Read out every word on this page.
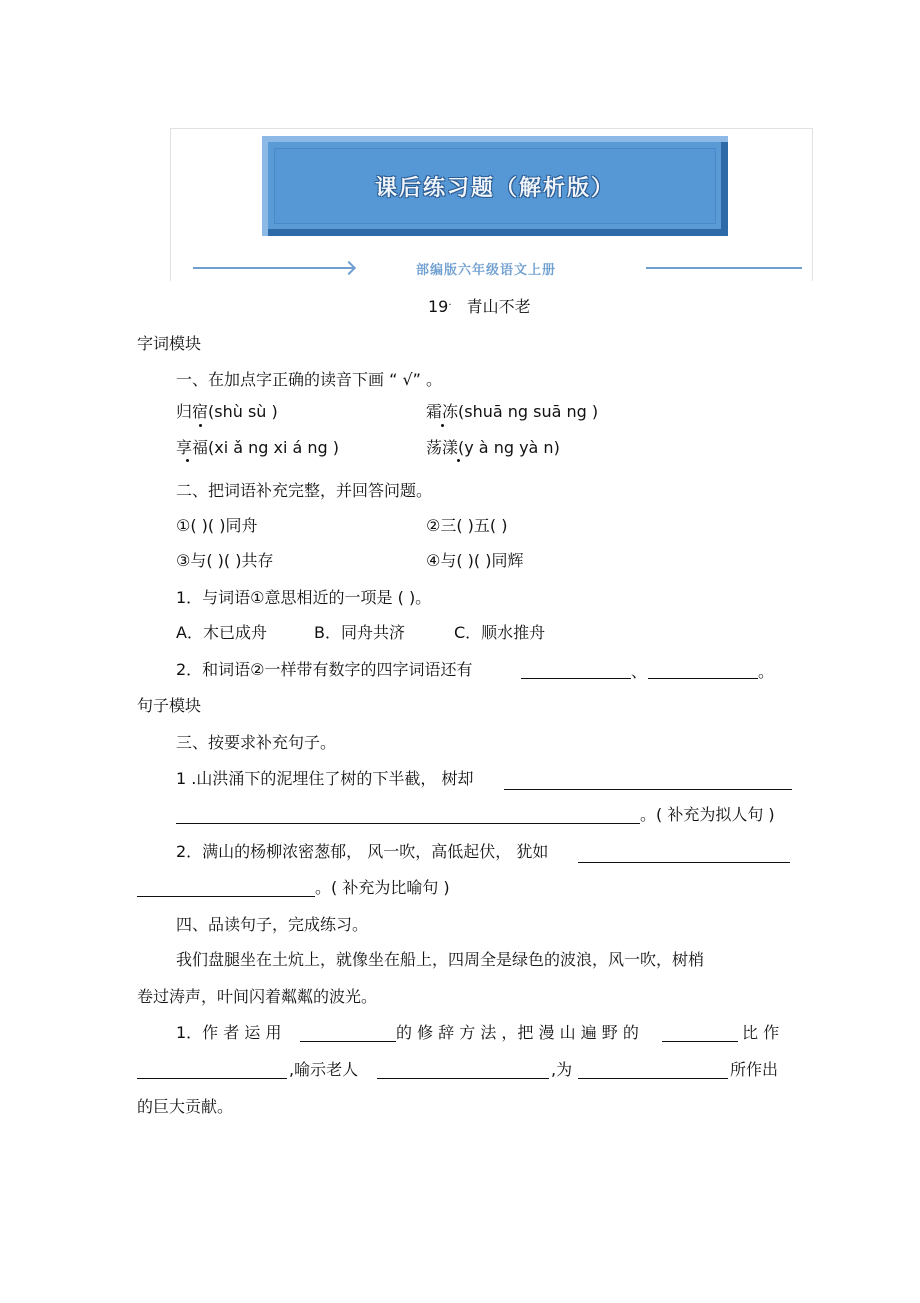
课后练习题（解析版）
部编版六年级语文上册
19. 青山不老
字词模块
一、在加点字正确的读音下画 “ √” 。
归宿(shù sù )	霜冻(shuā ng suā ng )
享福(xi ǎ ng xi á ng )	荡漾(y à ng yà n)
二、把词语补充完整，并回答问题。
①( )( )同舟	②三( )五( )
③与( )( )共存	④与( )( )同辉
1．与词语①意思相近的一项是 ( )。
A．木已成舟	B．同舟共济	C．顺水推舟
2．和词语②一样带有数字的四字词语还有	、	。
句子模块
三、按要求补充句子。
1 .山洪涌下的泥埋住了树的下半截， 树却
。( 补充为拟人句 )
2．满山的杨柳浓密葱郁， 风一吹，高低起伏， 犹如
。( 补充为比喻句 )
四、品读句子，完成练习。
我们盘腿坐在土炕上，就像坐在船上，四周全是绿色的波浪，风一吹，树梢
卷过涛声，叶间闪着粼粼的波光。
1．作 者 运 用	的 修 辞 方 法 ，把 漫 山 遍 野 的	比 作
,喻示老人	,为	所作出
的巨大贡献。
